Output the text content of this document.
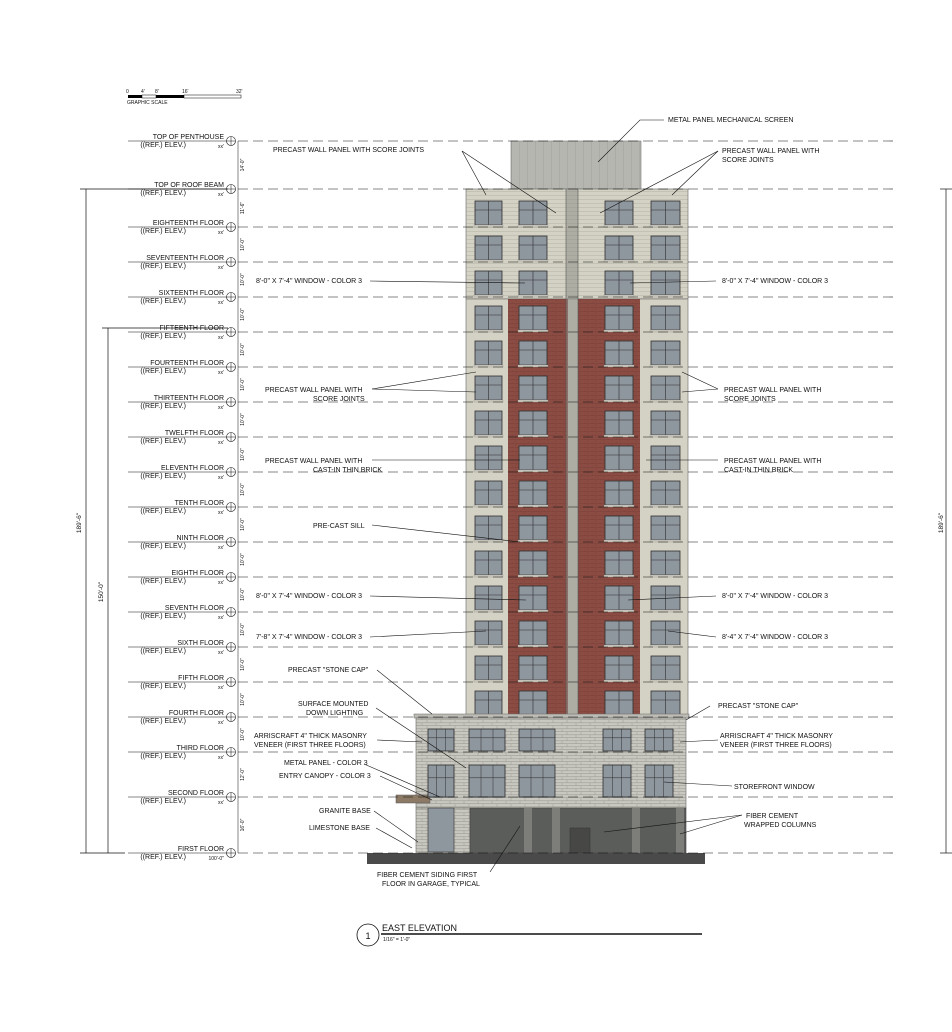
0 4' 8'	16'	32'
GRAPHIC SCALE
TOP OF PENTHOUSE
((REF.) ELEV.)	xx'
14'-0"
TOP OF ROOF BEAM
((REF.) ELEV.)	xx'
11'-6"
EIGHTEENTH FLOOR
((REF.) ELEV.)	xx'
10'-0"
SEVENTEENTH FLOOR
((REF.) ELEV.)	xx'
10'-0"
SIXTEENTH FLOOR
((REF.) ELEV.)	xx'
10'-0"
FIFTEENTH FLOOR
((REF.) ELEV.)	xx'
10'-0"
FOURTEENTH FLOOR
((REF.) ELEV.)	xx'
10'-0"
THIRTEENTH FLOOR
((REF.) ELEV.)	xx'
10'-0"
TWELFTH FLOOR
((REF.) ELEV.)	xx'
10'-0"
ELEVENTH FLOOR
((REF.) ELEV.)	xx'
10'-0"
TENTH FLOOR
((REF.) ELEV.)	xx'
10'-0"
NINTH FLOOR
((REF.) ELEV.)	xx'
10'-0"
EIGHTH FLOOR
((REF.) ELEV.)	xx'
10'-0"
SEVENTH FLOOR
((REF.) ELEV.)	xx'
10'-0"
SIXTH FLOOR
((REF.) ELEV.)	xx'
10'-0"
FIFTH FLOOR
((REF.) ELEV.)	xx'
10'-0"
FOURTH FLOOR
((REF.) ELEV.)	xx'
10'-0"
THIRD FLOOR
((REF.) ELEV.)	xx'
12'-0"
SECOND FLOOR
((REF.) ELEV.)	xx'
16'-0"
FIRST FLOOR
((REF.) ELEV.)	100'-0"
189'-6"
150'-0"
189'-6"
PRECAST WALL PANEL WITH SCORE JOINTS
8'-0" X 7'-4" WINDOW - COLOR 3
PRECAST WALL PANEL WITH
SCORE JOINTS
PRECAST WALL PANEL WITH
CAST-IN THIN BRICK
PRE-CAST SILL
8'-0" X 7'-4" WINDOW - COLOR 3
7'-8" X 7'-4" WINDOW - COLOR 3
PRECAST "STONE CAP"
SURFACE MOUNTED
DOWN LIGHTING
ARRISCRAFT 4" THICK MASONRY
VENEER (FIRST THREE FLOORS)
METAL PANEL - COLOR 3
ENTRY CANOPY - COLOR 3
GRANITE BASE
LIMESTONE BASE
METAL PANEL MECHANICAL SCREEN
PRECAST WALL PANEL WITH
SCORE JOINTS
8'-0" X 7'-4" WINDOW - COLOR 3
PRECAST WALL PANEL WITH
SCORE JOINTS
PRECAST WALL PANEL WITH
CAST-IN THIN BRICK
8'-0" X 7'-4" WINDOW - COLOR 3
8'-4" X 7'-4" WINDOW - COLOR 3
PRECAST "STONE CAP"
ARRISCRAFT 4" THICK MASONRY
VENEER (FIRST THREE FLOORS)
STOREFRONT WINDOW
FIBER CEMENT
WRAPPED COLUMNS
FIBER CEMENT SIDING FIRST
FLOOR IN GARAGE, TYPICAL
1
EAST ELEVATION
1/16" = 1'-0"
